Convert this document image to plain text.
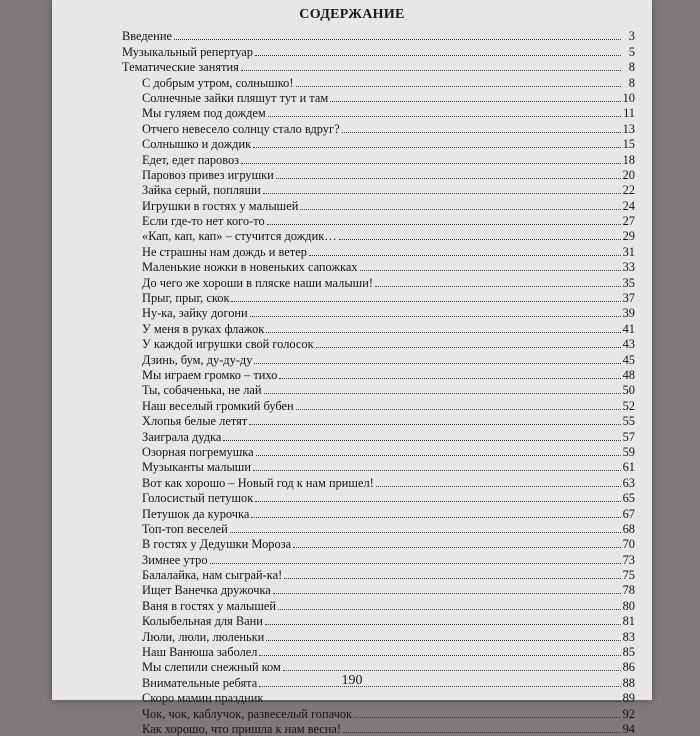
СОДЕРЖАНИЕ
Введение	3
Музыкальный репертуар	5
Тематические занятия	8
С добрым утром, солнышко!	8
Солнечные зайки пляшут тут и там	10
Мы гуляем под дождем	11
Отчего невесело солнцу стало вдруг?	13
Солнышко и дождик	15
Едет, едет паровоз	18
Паровоз привез игрушки	20
Зайка серый, попляши	22
Игрушки в гостях у малышей	24
Если где-то нет кого-то	27
«Кап, кап, кап» – стучится дождик…	29
Не страшны нам дождь и ветер	31
Маленькие ножки в новеньких сапожках	33
До чего же хороши в пляске наши малыши!	35
Прыг, прыг, скок	37
Ну-ка, зайку догони	39
У меня в руках флажок	41
У каждой игрушки свой голосок	43
Дзинь, бум, ду-ду-ду	45
Мы играем громко – тихо	48
Ты, собаченька, не лай	50
Наш веселый громкий бубен	52
Хлопья белые летят	55
Заиграла дудка	57
Озорная погремушка	59
Музыканты малыши	61
Вот как хорошо – Новый год к нам пришел!	63
Голосистый петушок	65
Петушок да курочка	67
Топ-топ веселей	68
В гостях у Дедушки Мороза	70
Зимнее утро	73
Балалайка, нам сыграй-ка!	75
Ищет Ванечка дружочка	78
Ваня в гостях у малышей	80
Колыбельная для Вани	81
Люли, люли, люленьки	83
Наш Ванюша заболел	85
Мы слепили снежный ком	86
Внимательные ребята	88
Скоро мамин праздник	89
Чок, чок, каблучок, развеселый гопачок	92
Как хорошо, что пришла к нам весна!	94
190
